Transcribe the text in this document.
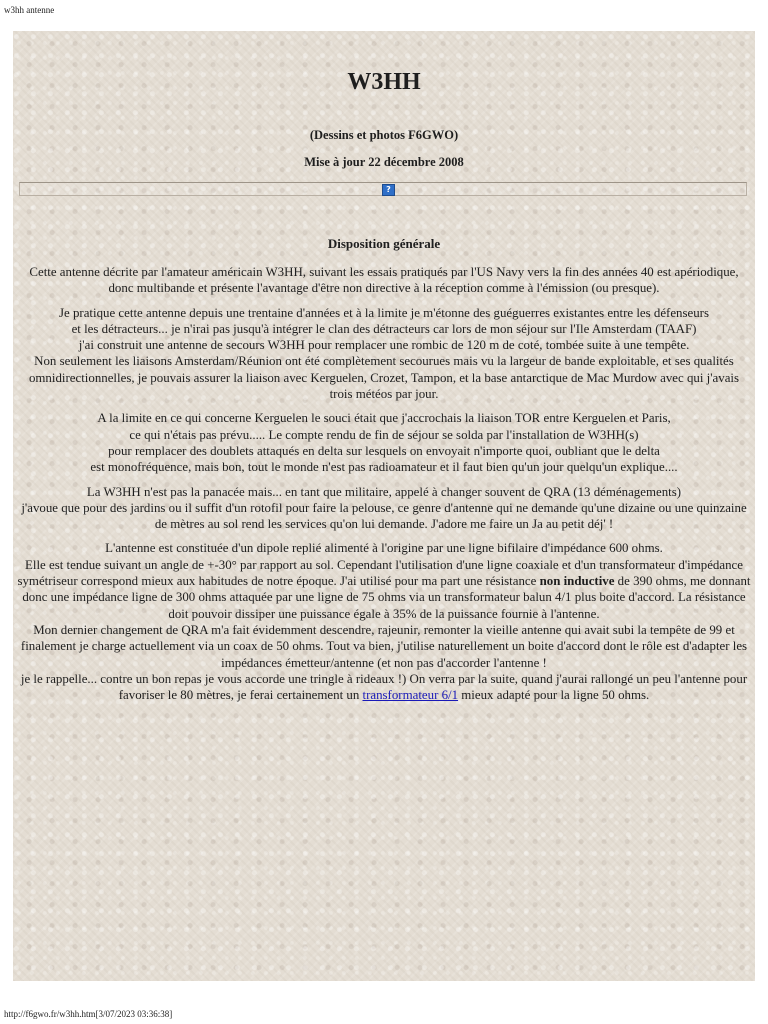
w3hh antenne
W3HH
(Dessins et photos F6GWO)
Mise à jour 22 décembre 2008
?
Disposition générale

Cette antenne décrite par l'amateur américain W3HH, suivant les essais pratiqués par l'US Navy vers la fin des années 40 est apériodique, donc multibande et présente l'avantage d'être non directive à la réception comme à l'émission (ou presque).

Je pratique cette antenne depuis une trentaine d'années et à la limite je m'étonne des guéguerres existantes entre les défenseurs
et les détracteurs... je n'irai pas jusqu'à intégrer le clan des détracteurs car lors de mon séjour sur l'Ile Amsterdam (TAAF)
j'ai construit une antenne de secours W3HH pour remplacer une rombic de 120 m de coté, tombée suite à une tempête.
Non seulement les liaisons Amsterdam/Réunion ont été complètement secourues mais vu la largeur de bande exploitable, et ses qualités omnidirectionnelles, je pouvais assurer la liaison avec Kerguelen, Crozet, Tampon, et la base antarctique de Mac Murdow avec qui j'avais trois météos par jour.

A la limite en ce qui concerne Kerguelen le souci était que j'accrochais la liaison TOR entre Kerguelen et Paris,
ce qui n'étais pas prévu..... Le compte rendu de fin de séjour se solda par l'installation de W3HH(s)
pour remplacer des doublets attaqués en delta sur lesquels on envoyait n'importe quoi, oubliant que le delta
est monofréquence, mais bon, tout le monde n'est pas radioamateur et il faut bien qu'un jour quelqu'un explique....

La W3HH n'est pas la panacée mais... en tant que militaire, appelé à changer souvent de QRA (13 déménagements)
j'avoue que pour des jardins ou il suffit d'un rotofil pour faire la pelouse, ce genre d'antenne qui ne demande qu'une dizaine ou une quinzaine de mètres au sol rend les services qu'on lui demande. J'adore me faire un Ja au petit déj' !

L'antenne est constituée d'un dipole replié alimenté à l'origine par une ligne bifilaire d'impédance 600 ohms.
Elle est tendue suivant un angle de +-30° par rapport au sol. Cependant l'utilisation d'une ligne coaxiale et d'un transformateur d'impédance symétriseur correspond mieux aux habitudes de notre époque. J'ai utilisé pour ma part une résistance non inductive de 390 ohms, me donnant donc une impédance ligne de 300 ohms attaquée par une ligne de 75 ohms via un transformateur balun 4/1 plus boite d'accord. La résistance doit pouvoir dissiper une puissance égale à 35% de la puissance fournie à l'antenne.
Mon dernier changement de QRA m'a fait évidemment descendre, rajeunir, remonter la vieille antenne qui avait subi la tempête de 99 et finalement je charge actuellement via un coax de 50 ohms. Tout va bien, j'utilise naturellement un boite d'accord dont le rôle est d'adapter les impédances émetteur/antenne (et non pas d'accorder l'antenne !
je le rappelle... contre un bon repas je vous accorde une tringle à rideaux !) On verra par la suite, quand j'aurai rallongé un peu l'antenne pour favoriser le 80 mètres, je ferai certainement un transformateur 6/1 mieux adapté pour la ligne 50 ohms.

http://f6gwo.fr/w3hh.htm[3/07/2023 03:36:38]
